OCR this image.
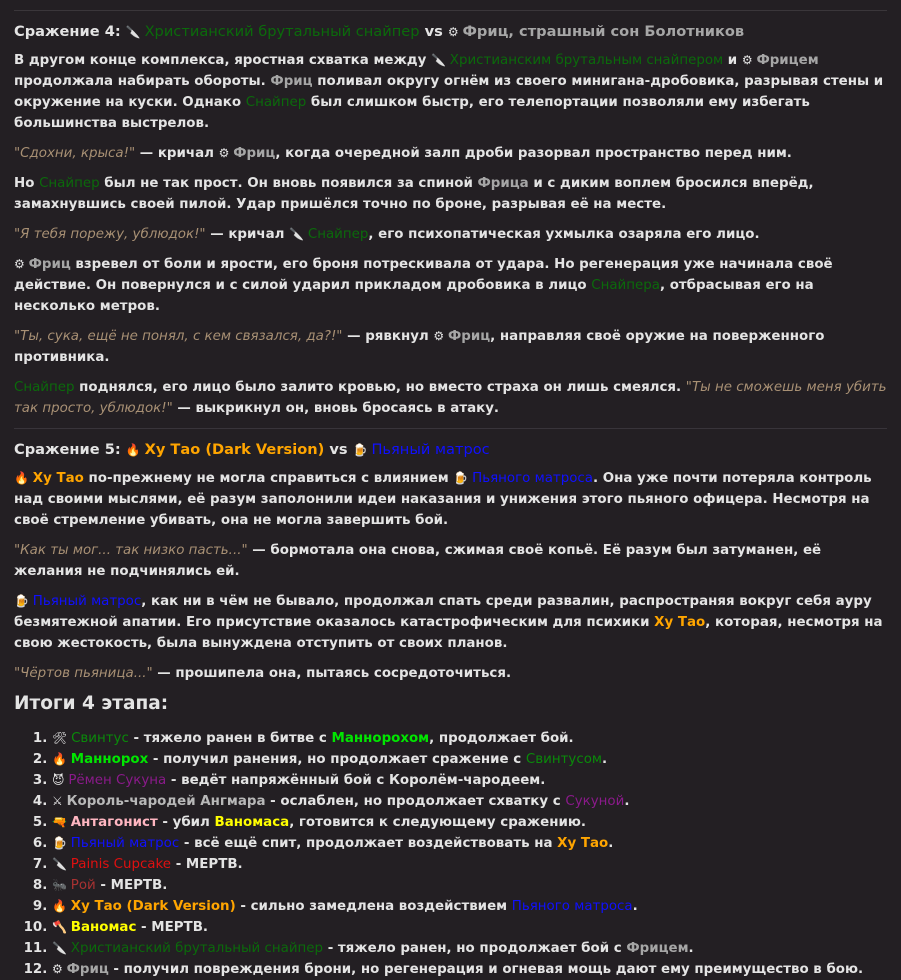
Сражение 4: 🔪 Христианский брутальный снайпер vs ⚙ Фриц, страшный сон Болотников

В другом конце комплекса, яростная схватка между 🔪 Христианским брутальным снайпером и ⚙ Фрицем продолжала набирать обороты. Фриц поливал округу огнём из своего минигана-дробовика, разрывая стены и окружение на куски. Однако Снайпер был слишком быстр, его телепортации позволяли ему избегать большинства выстрелов.

"Сдохни, крыса!" — кричал ⚙ Фриц, когда очередной залп дроби разорвал пространство перед ним.

Но Снайпер был не так прост. Он вновь появился за спиной Фрица и с диким воплем бросился вперёд, замахнувшись своей пилой. Удар пришёлся точно по броне, разрывая её на месте.

"Я тебя порежу, ублюдок!" — кричал 🔪 Снайпер, его психопатическая ухмылка озаряла его лицо.

⚙ Фриц взревел от боли и ярости, его броня потрескивала от удара. Но регенерация уже начинала своё действие. Он повернулся и с силой ударил прикладом дробовика в лицо Снайпера, отбрасывая его на несколько метров.

"Ты, сука, ещё не понял, с кем связался, да?!" — рявкнул ⚙ Фриц, направляя своё оружие на поверженного противника.

Снайпер поднялся, его лицо было залито кровью, но вместо страха он лишь смеялся. "Ты не сможешь меня убить так просто, ублюдок!" — выкрикнул он, вновь бросаясь в атаку.

Сражение 5: 🔥 Ху Тао (Dark Version) vs 🍺 Пьяный матрос

🔥 Ху Тао по-прежнему не могла справиться с влиянием 🍺 Пьяного матроса. Она уже почти потеряла контроль над своими мыслями, её разум заполонили идеи наказания и унижения этого пьяного офицера. Несмотря на своё стремление убивать, она не могла завершить бой.

"Как ты мог... так низко пасть..." — бормотала она снова, сжимая своё копьё. Её разум был затуманен, её желания не подчинялись ей.

🍺 Пьяный матрос, как ни в чём не бывало, продолжал спать среди развалин, распространяя вокруг себя ауру безмятежной апатии. Его присутствие оказалось катастрофическим для психики Ху Тао, которая, несмотря на свою жестокость, была вынуждена отступить от своих планов.

"Чёртов пьяница..." — прошипела она, пытаясь сосредоточиться.

Итоги 4 этапа:
1. 🛠 Свинтус - тяжело ранен в битве с Маннорохом, продолжает бой.
2. 🔥 Маннорох - получил ранения, но продолжает сражение с Свинтусом.
3. 😈 Рёмен Сукуна - ведёт напряжённый бой с Королём-чародеем.
4. ⚔ Король-чародей Ангмара - ослаблен, но продолжает схватку с Сукуной.
5. 🔫 Антагонист - убил Ваномаса, готовится к следующему сражению.
6. 🍺 Пьяный матрос - всё ещё спит, продолжает воздействовать на Ху Тао.
7. 🔪 Painis Cupcake - МЕРТВ.
8. 🐜 Рой - МЕРТВ.
9. 🔥 Ху Тао (Dark Version) - сильно замедлена воздействием Пьяного матроса.
10. 🪓 Ваномас - МЕРТВ.
11. 🔪 Христианский брутальный снайпер - тяжело ранен, но продолжает бой с Фрицем.
12. ⚙ Фриц - получил повреждения брони, но регенерация и огневая мощь дают ему преимущество в бою.
